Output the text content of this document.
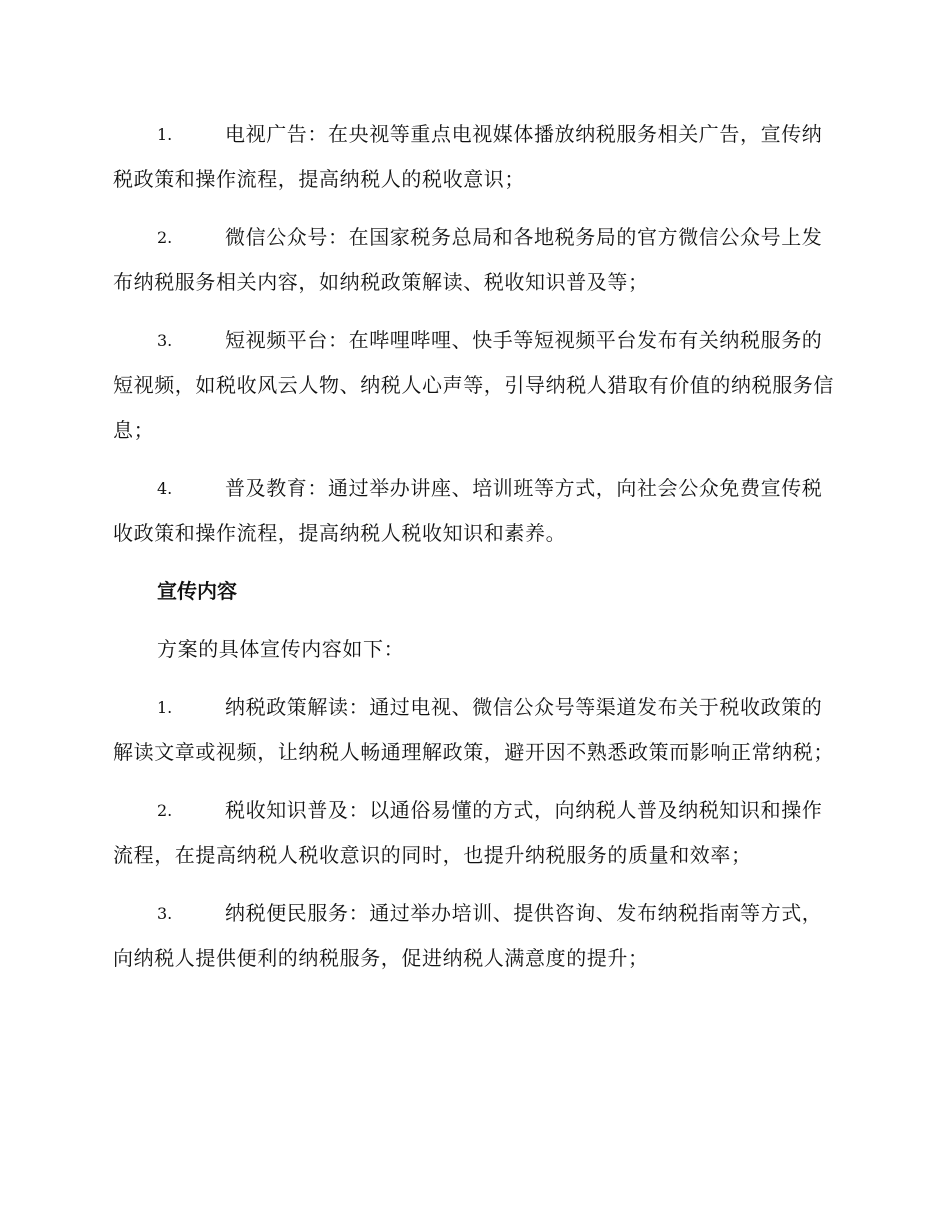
1.	电视广告：在央视等重点电视媒体播放纳税服务相关广告，宣传纳税政策和操作流程，提高纳税人的税收意识；
2.	微信公众号：在国家税务总局和各地税务局的官方微信公众号上发布纳税服务相关内容，如纳税政策解读、税收知识普及等；
3.	短视频平台：在哔哩哔哩、快手等短视频平台发布有关纳税服务的短视频，如税收风云人物、纳税人心声等，引导纳税人猎取有价值的纳税服务信息；
4.	普及教育：通过举办讲座、培训班等方式，向社会公众免费宣传税收政策和操作流程，提高纳税人税收知识和素养。
宣传内容
方案的具体宣传内容如下：
1.	纳税政策解读：通过电视、微信公众号等渠道发布关于税收政策的解读文章或视频，让纳税人畅通理解政策，避开因不熟悉政策而影响正常纳税；
2.	税收知识普及：以通俗易懂的方式，向纳税人普及纳税知识和操作流程，在提高纳税人税收意识的同时，也提升纳税服务的质量和效率；
3.	纳税便民服务：通过举办培训、提供咨询、发布纳税指南等方式，向纳税人提供便利的纳税服务，促进纳税人满意度的提升；
